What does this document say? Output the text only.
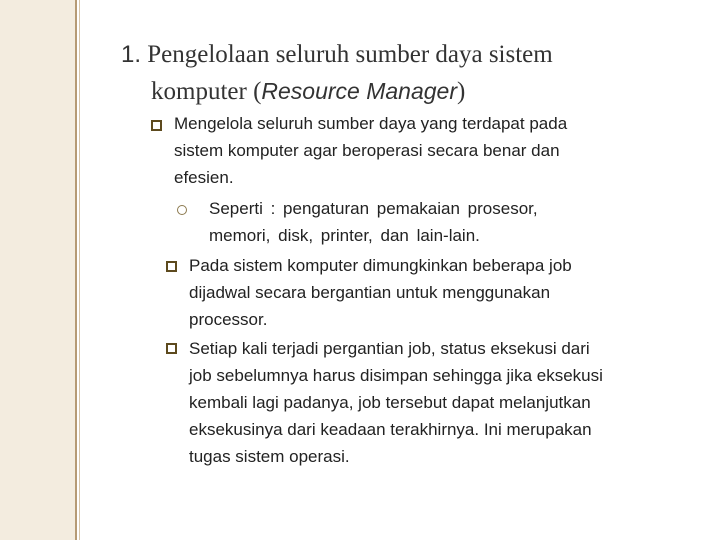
1. Pengelolaan seluruh sumber daya sistem
komputer (Resource Manager)
Mengelola seluruh sumber daya yang terdapat pada
sistem komputer agar beroperasi secara benar dan
efesien.
Seperti : pengaturan pemakaian prosesor,
memori, disk, printer, dan lain-lain.
Pada sistem komputer dimungkinkan beberapa job
dijadwal secara bergantian untuk menggunakan
processor.
Setiap kali terjadi pergantian job, status eksekusi dari
job sebelumnya harus disimpan sehingga jika eksekusi
kembali lagi padanya, job tersebut dapat melanjutkan
eksekusinya dari keadaan terakhirnya. Ini merupakan
tugas sistem operasi.
